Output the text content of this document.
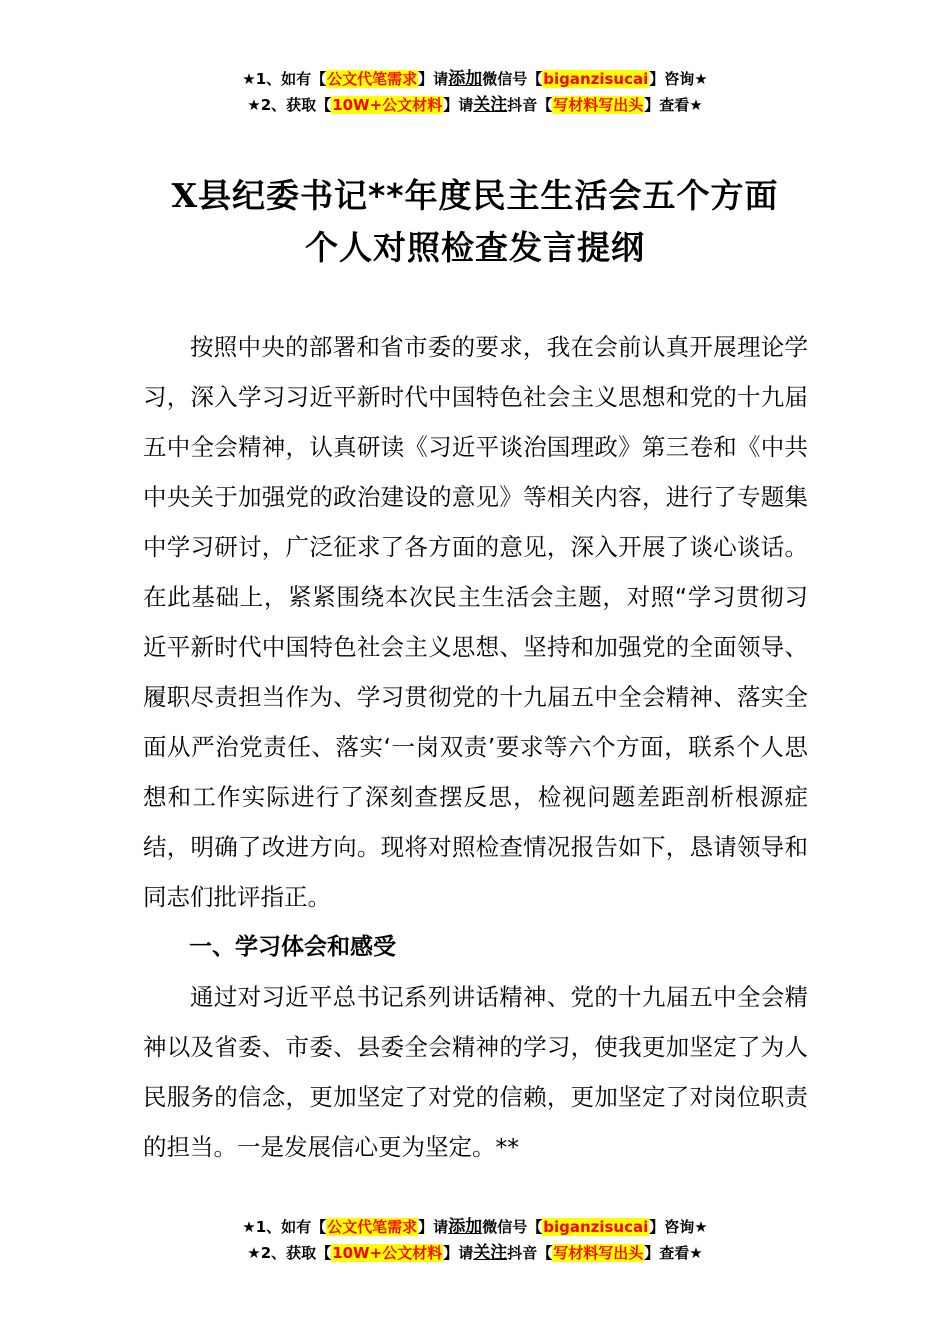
★1、如有【公文代笔需求】请添加微信号【biganzisucai】咨询★
★2、获取【10W+公文材料】请关注抖音【写材料写出头】查看★
X县纪委书记**年度民主生活会五个方面
个人对照检查发言提纲

按照中央的部署和省市委的要求，我在会前认真开展理论学习，深入学习习近平新时代中国特色社会主义思想和党的十九届五中全会精神，认真研读《习近平谈治国理政》第三卷和《中共中央关于加强党的政治建设的意见》等相关内容，进行了专题集中学习研讨，广泛征求了各方面的意见，深入开展了谈心谈话。在此基础上，紧紧围绕本次民主生活会主题，对照“学习贯彻习近平新时代中国特色社会主义思想、坚持和加强党的全面领导、履职尽责担当作为、学习贯彻党的十九届五中全会精神、落实全面从严治党责任、落实‘一岗双责’要求等六个方面，联系个人思想和工作实际进行了深刻查摆反思，检视问题差距剖析根源症结，明确了改进方向。现将对照检查情况报告如下，恳请领导和同志们批评指正。

一、学习体会和感受

通过对习近平总书记系列讲话精神、党的十九届五中全会精神以及省委、市委、县委全会精神的学习，使我更加坚定了为人民服务的信念，更加坚定了对党的信赖，更加坚定了对岗位职责的担当。一是发展信心更为坚定。**

★1、如有【公文代笔需求】请添加微信号【biganzisucai】咨询★
★2、获取【10W+公文材料】请关注抖音【写材料写出头】查看★
